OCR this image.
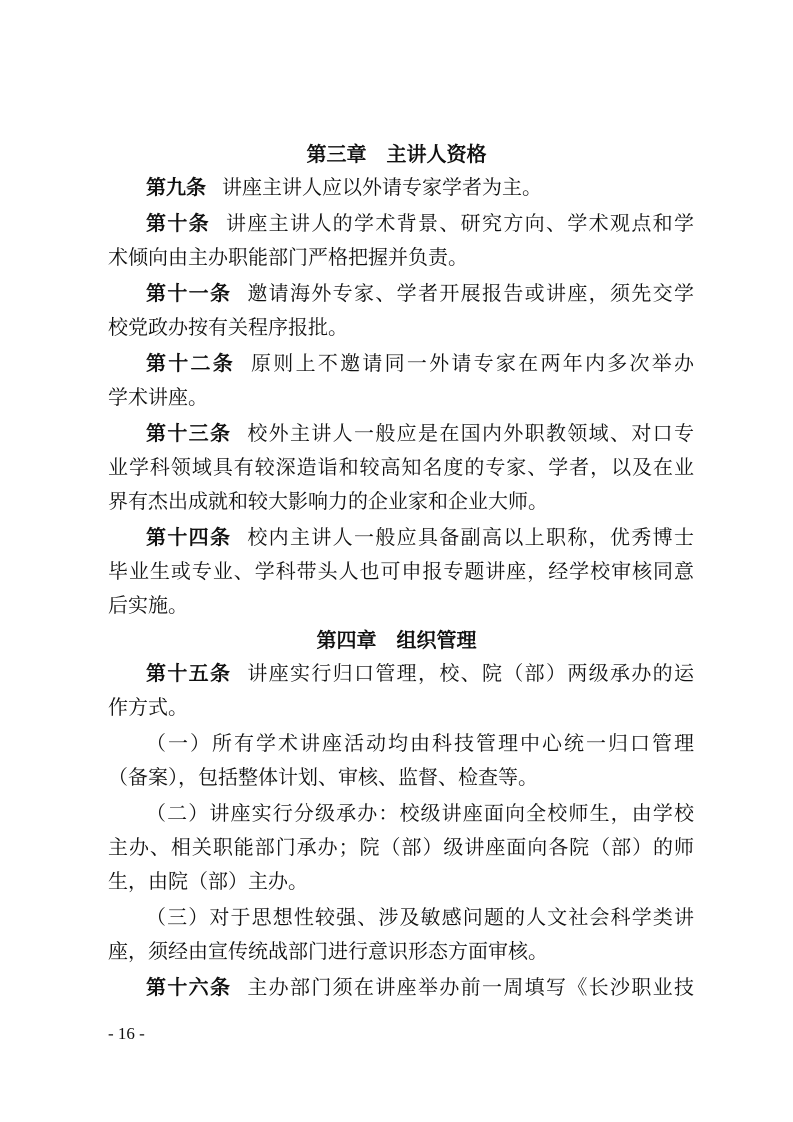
第三章　主讲人资格
第九条 讲座主讲人应以外请专家学者为主。
第十条 讲座主讲人的学术背景、研究方向、学术观点和学
术倾向由主办职能部门严格把握并负责。
第十一条 邀请海外专家、学者开展报告或讲座，须先交学
校党政办按有关程序报批。
第十二条 原则上不邀请同一外请专家在两年内多次举办
学术讲座。
第十三条 校外主讲人一般应是在国内外职教领域、对口专
业学科领域具有较深造诣和较高知名度的专家、学者，以及在业
界有杰出成就和较大影响力的企业家和企业大师。
第十四条 校内主讲人一般应具备副高以上职称，优秀博士
毕业生或专业、学科带头人也可申报专题讲座，经学校审核同意
后实施。
第四章　组织管理
第十五条 讲座实行归口管理，校、院（部）两级承办的运
作方式。
（一）所有学术讲座活动均由科技管理中心统一归口管理
（备案），包括整体计划、审核、监督、检查等。
（二）讲座实行分级承办：校级讲座面向全校师生，由学校
主办、相关职能部门承办；院（部）级讲座面向各院（部）的师
生，由院（部）主办。
（三）对于思想性较强、涉及敏感问题的人文社会科学类讲
座，须经由宣传统战部门进行意识形态方面审核。
第十六条 主办部门须在讲座举办前一周填写《长沙职业技
- 16 -
